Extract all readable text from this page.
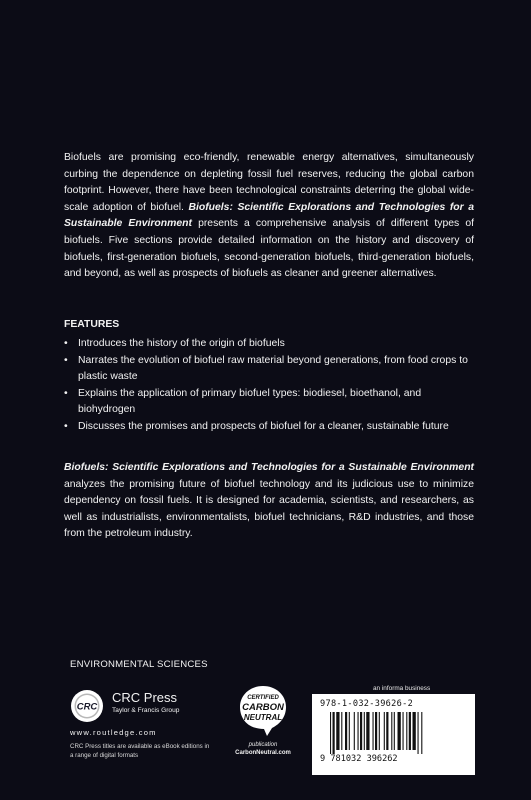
Biofuels are promising eco-friendly, renewable energy alternatives, simultaneously curbing the dependence on depleting fossil fuel reserves, reducing the global carbon footprint. However, there have been technological constraints deterring the global wide-scale adoption of biofuel. Biofuels: Scientific Explorations and Technologies for a Sustainable Environment presents a comprehensive analysis of different types of biofuels. Five sections provide detailed information on the history and discovery of biofuels, first-generation biofuels, second-generation biofuels, third-generation biofuels, and beyond, as well as prospects of biofuels as cleaner and greener alternatives.

FEATURES

• Introduces the history of the origin of biofuels
• Narrates the evolution of biofuel raw material beyond generations, from food crops to plastic waste
• Explains the application of primary biofuel types: biodiesel, bioethanol, and biohydrogen
• Discusses the promises and prospects of biofuel for a cleaner, sustainable future

Biofuels: Scientific Explorations and Technologies for a Sustainable Environment analyzes the promising future of biofuel technology and its judicious use to minimize dependency on fossil fuels. It is designed for academia, scientists, and researchers, as well as industrialists, environmentalists, biofuel technicians, R&D industries, and those from the petroleum industry.

ENVIRONMENTAL SCIENCES

CRC
CRC Press
Taylor & Francis Group
www.routledge.com
CRC Press titles are available as eBook editions in a range of digital formats
CERTIFIED
CARBON
NEUTRAL
publication
CarbonNeutral.com
an informa business
978-1-032-39626-2
9 781032 396262
